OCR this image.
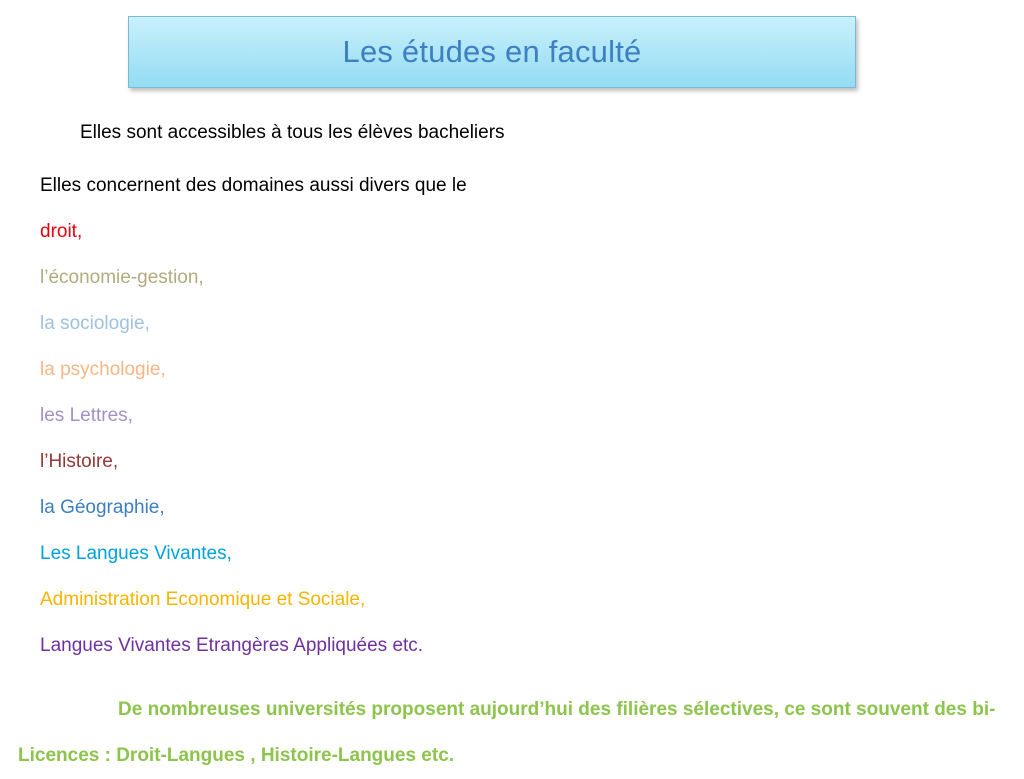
Les études en faculté
Elles sont accessibles à tous les élèves bacheliers
Elles concernent des domaines aussi divers que le
droit,
l’économie-gestion,
la sociologie,
la psychologie,
les Lettres,
l’Histoire,
la Géographie,
Les Langues Vivantes,
Administration Economique et Sociale,
Langues Vivantes Etrangères Appliquées etc.
De nombreuses universités proposent aujourd’hui des filières sélectives, ce sont souvent des bi-Licences : Droit-Langues , Histoire-Langues etc.
